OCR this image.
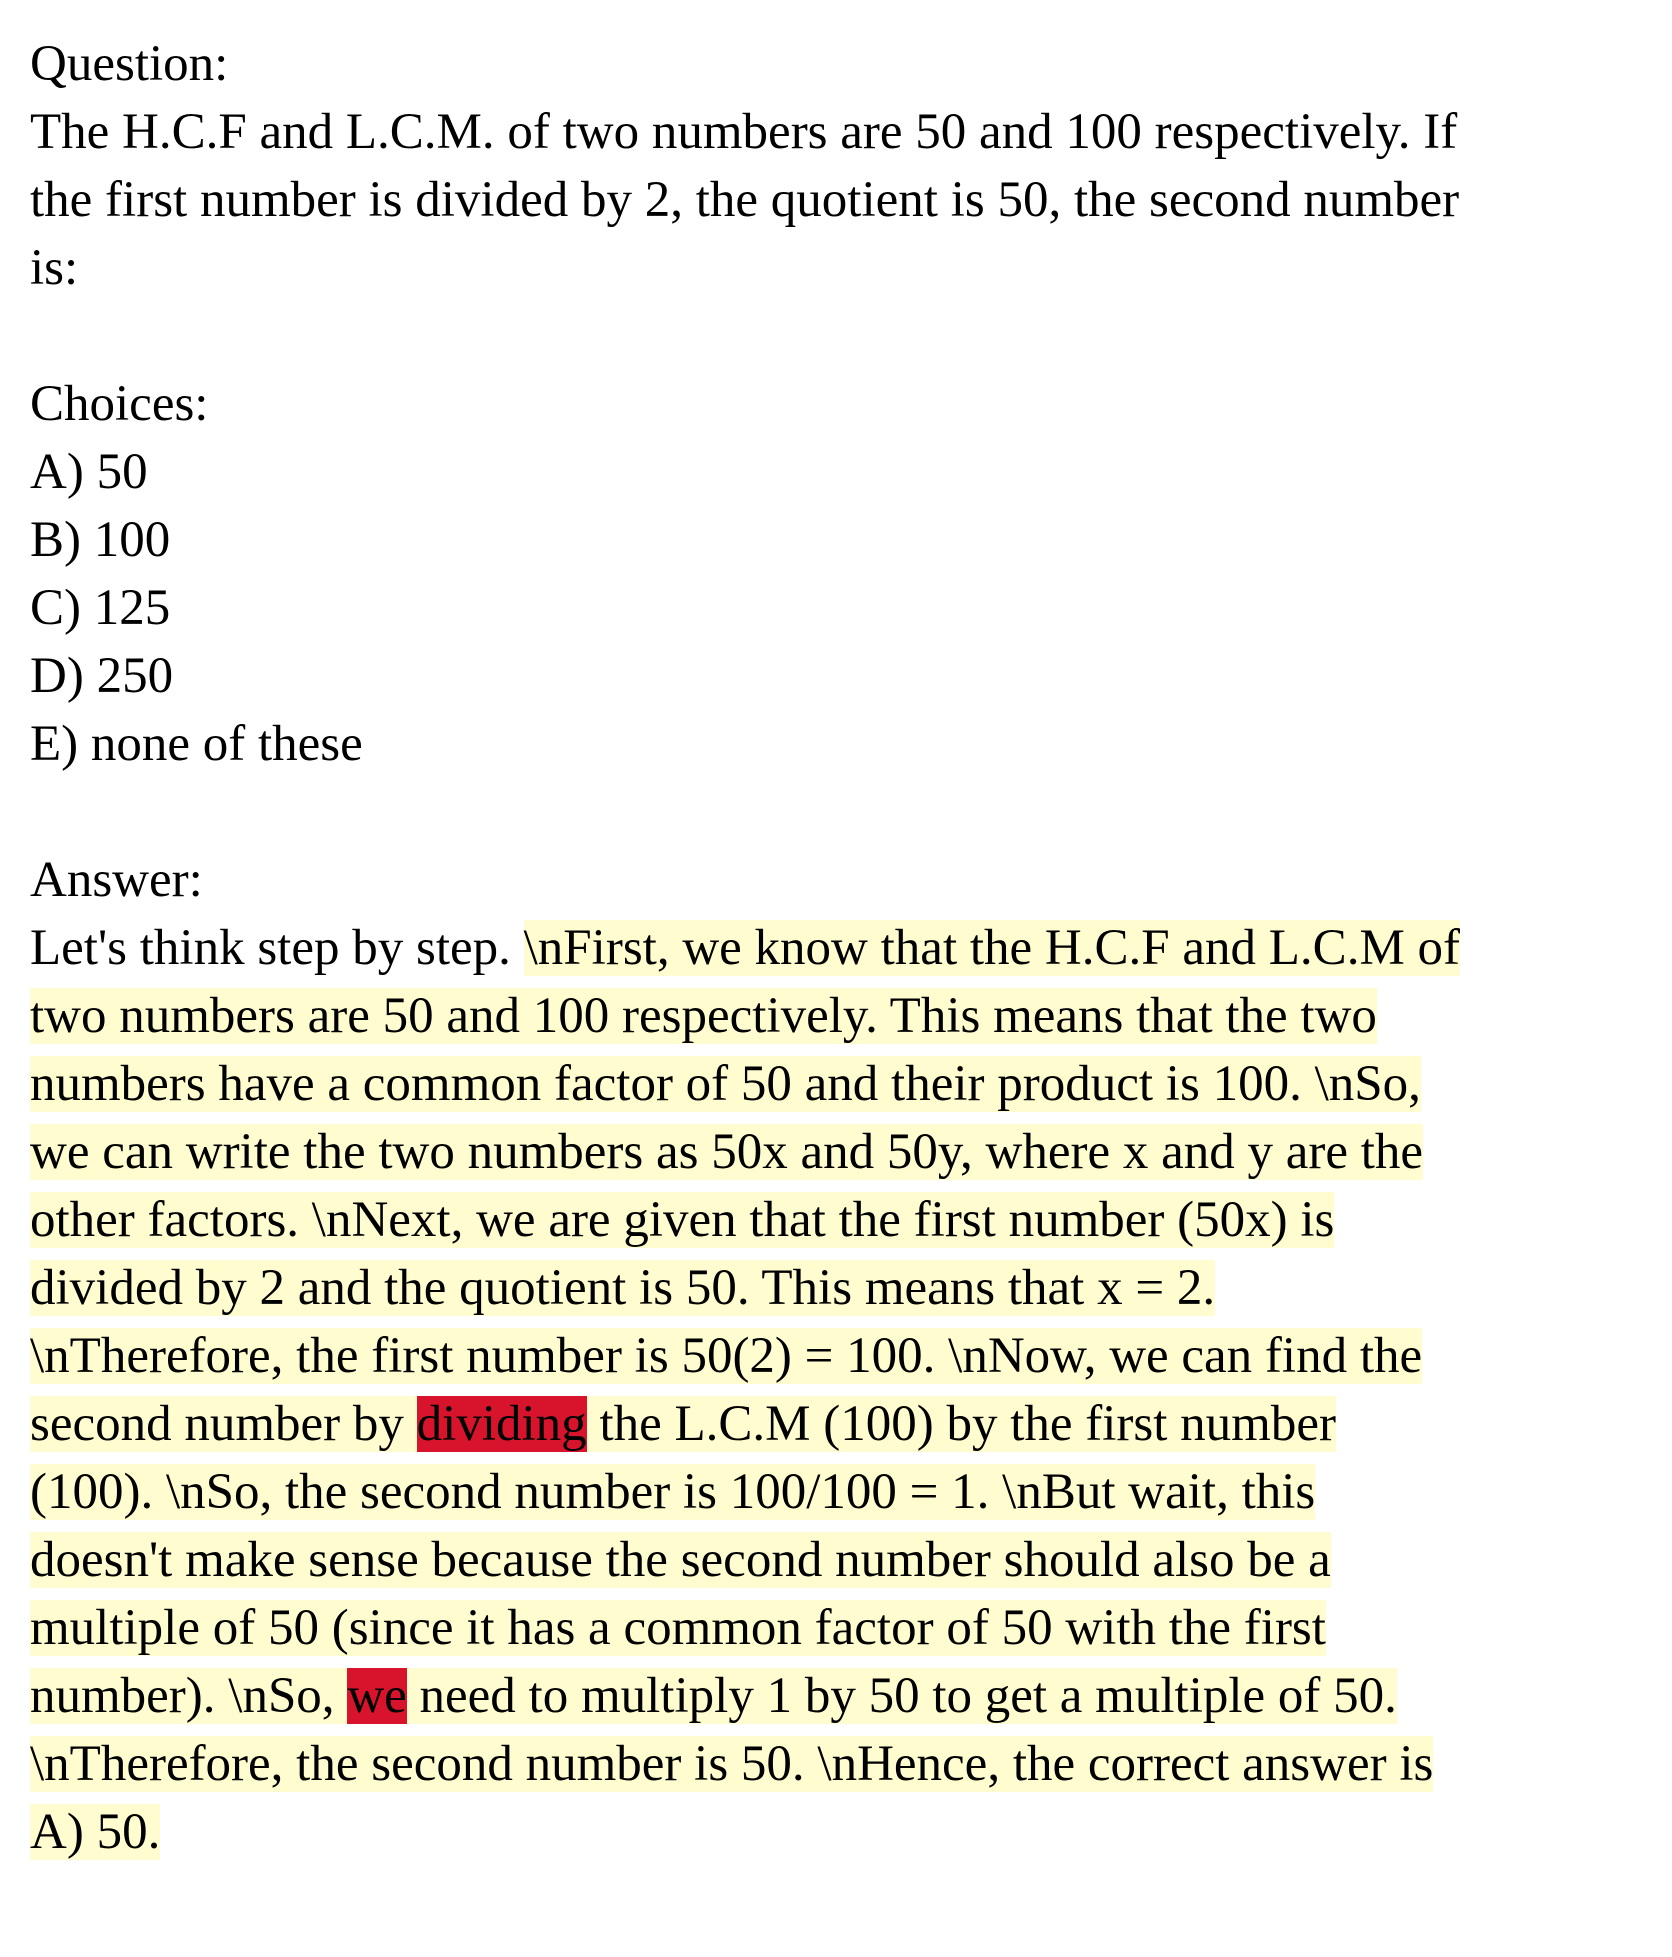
Question:
The H.C.F and L.C.M. of two numbers are 50 and 100 respectively. If
the first number is divided by 2, the quotient is 50, the second number
is:
Choices:
A) 50
B) 100
C) 125
D) 250
E) none of these
Answer:
Let's think step by step. \nFirst, we know that the H.C.F and L.C.M of
two numbers are 50 and 100 respectively. This means that the two
numbers have a common factor of 50 and their product is 100. \nSo,
we can write the two numbers as 50x and 50y, where x and y are the
other factors. \nNext, we are given that the first number (50x) is
divided by 2 and the quotient is 50. This means that x = 2.
\nTherefore, the first number is 50(2) = 100. \nNow, we can find the
second number by dividing the L.C.M (100) by the first number
(100). \nSo, the second number is 100/100 = 1. \nBut wait, this
doesn't make sense because the second number should also be a
multiple of 50 (since it has a common factor of 50 with the first
number). \nSo, we need to multiply 1 by 50 to get a multiple of 50.
\nTherefore, the second number is 50. \nHence, the correct answer is
A) 50.
